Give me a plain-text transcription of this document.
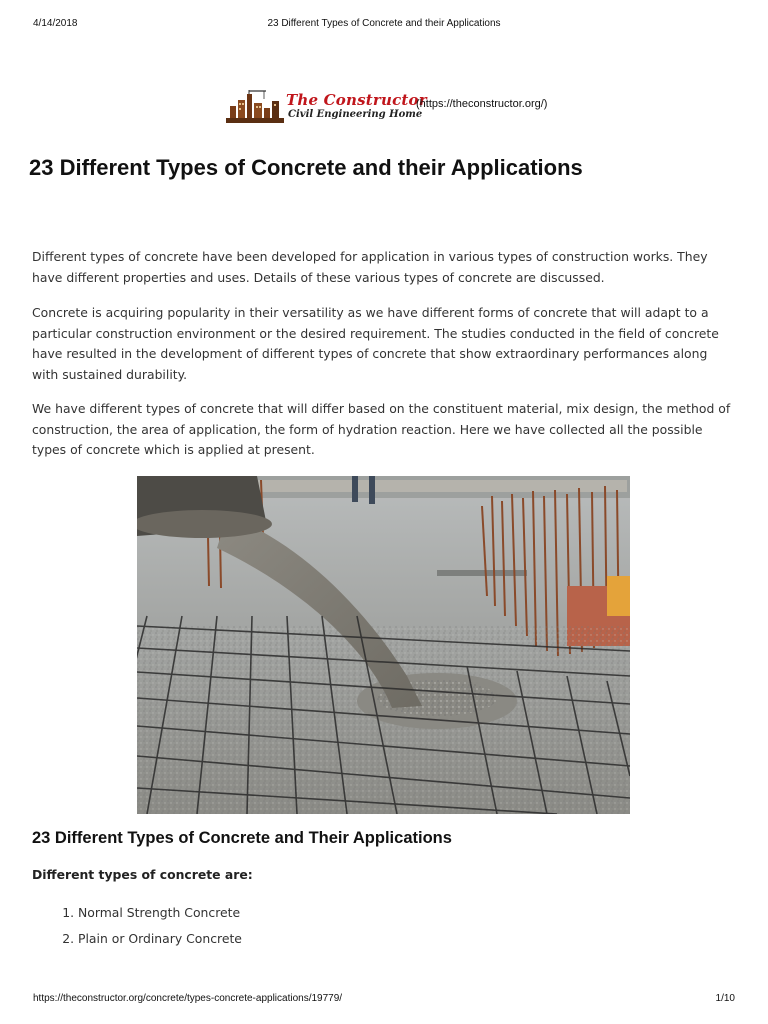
4/14/2018	23 Different Types of Concrete and their Applications
The Constructor
Civil Engineering Home
(https://theconstructor.org/)
23 Different Types of Concrete and their Applications

Different types of concrete have been developed for application in various types of construction works. They have different properties and uses. Details of these various types of concrete are discussed.

Concrete is acquiring popularity in their versatility as we have different forms of concrete that will adapt to a particular construction environment or the desired requirement. The studies conducted in the field of concrete have resulted in the development of different types of concrete that show extraordinary performances along with sustained durability.

We have different types of concrete that will differ based on the constituent material, mix design, the method of construction, the area of application, the form of hydration reaction. Here we have collected all the possible types of concrete which is applied at present.

23 Different Types of Concrete and Their Applications

Different types of concrete are:

1. Normal Strength Concrete
2. Plain or Ordinary Concrete
https://theconstructor.org/concrete/types-concrete-applications/19779/	1/10
